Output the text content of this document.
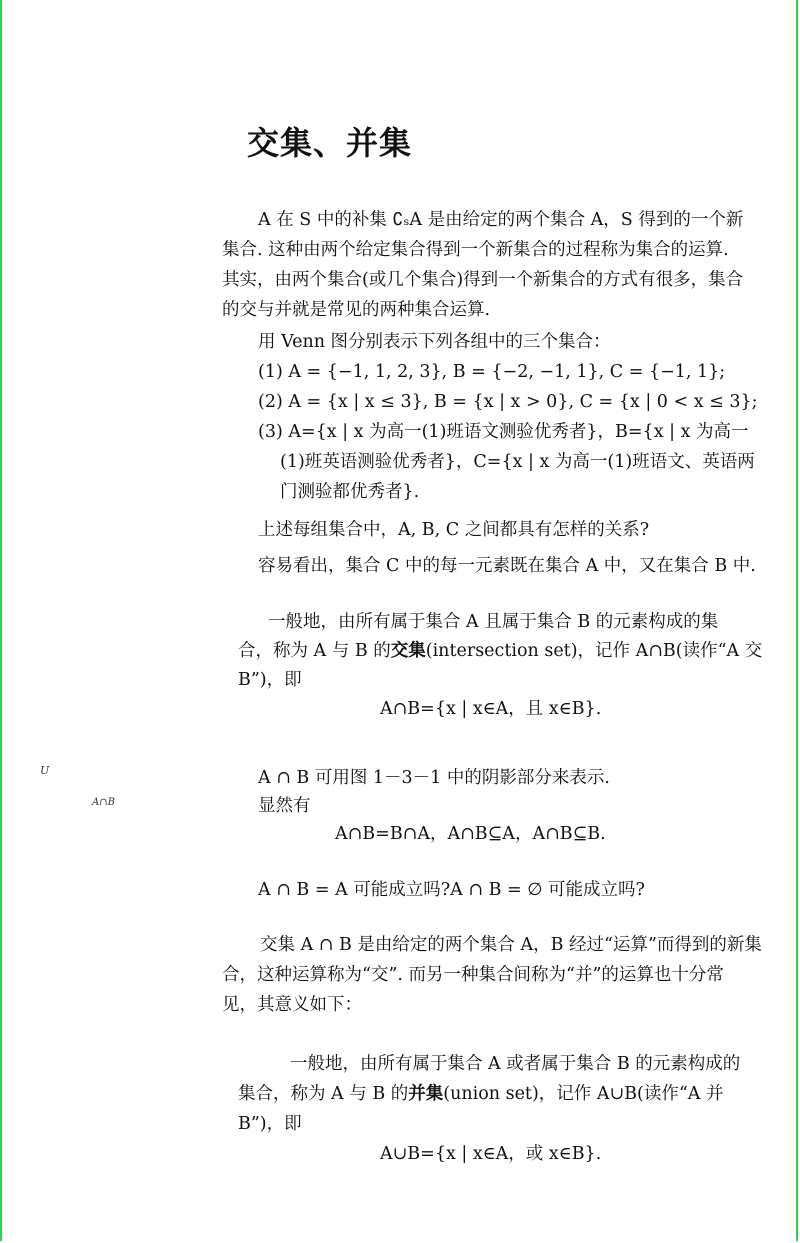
交集、并集
A 在 S 中的补集 ∁ₛA 是由给定的两个集合 A，S 得到的一个新
集合. 这种由两个给定集合得到一个新集合的过程称为集合的运算.
其实，由两个集合(或几个集合)得到一个新集合的方式有很多，集合
的交与并就是常见的两种集合运算.
用 Venn 图分别表示下列各组中的三个集合：
(1) A = {−1, 1, 2, 3}, B = {−2, −1, 1}, C = {−1, 1};
(2) A = {x | x ≤ 3}, B = {x | x > 0}, C = {x | 0 < x ≤ 3};
(3) A={x | x 为高一(1)班语文测验优秀者}，B={x | x 为高一
(1)班英语测验优秀者}，C={x | x 为高一(1)班语文、英语两
门测验都优秀者}.
上述每组集合中，A, B, C 之间都具有怎样的关系?
容易看出，集合 C 中的每一元素既在集合 A 中，又在集合 B 中.
一般地，由所有属于集合 A 且属于集合 B 的元素构成的集
合，称为 A 与 B 的交集(intersection set)，记作 A∩B(读作“A 交
B”)，即
A∩B={x | x∈A，且 x∈B}.
U
A∩B
A ∩ B 可用图 1－3－1 中的阴影部分来表示.
显然有
A∩B=B∩A，A∩B⊆A，A∩B⊆B.
A ∩ B = A 可能成立吗?A ∩ B = ∅ 可能成立吗?
交集 A ∩ B 是由给定的两个集合 A，B 经过“运算”而得到的新集
合，这种运算称为“交”. 而另一种集合间称为“并”的运算也十分常
见，其意义如下：
一般地，由所有属于集合 A 或者属于集合 B 的元素构成的
集合，称为 A 与 B 的并集(union set)，记作 A∪B(读作“A 并
B”)，即
A∪B={x | x∈A，或 x∈B}.
